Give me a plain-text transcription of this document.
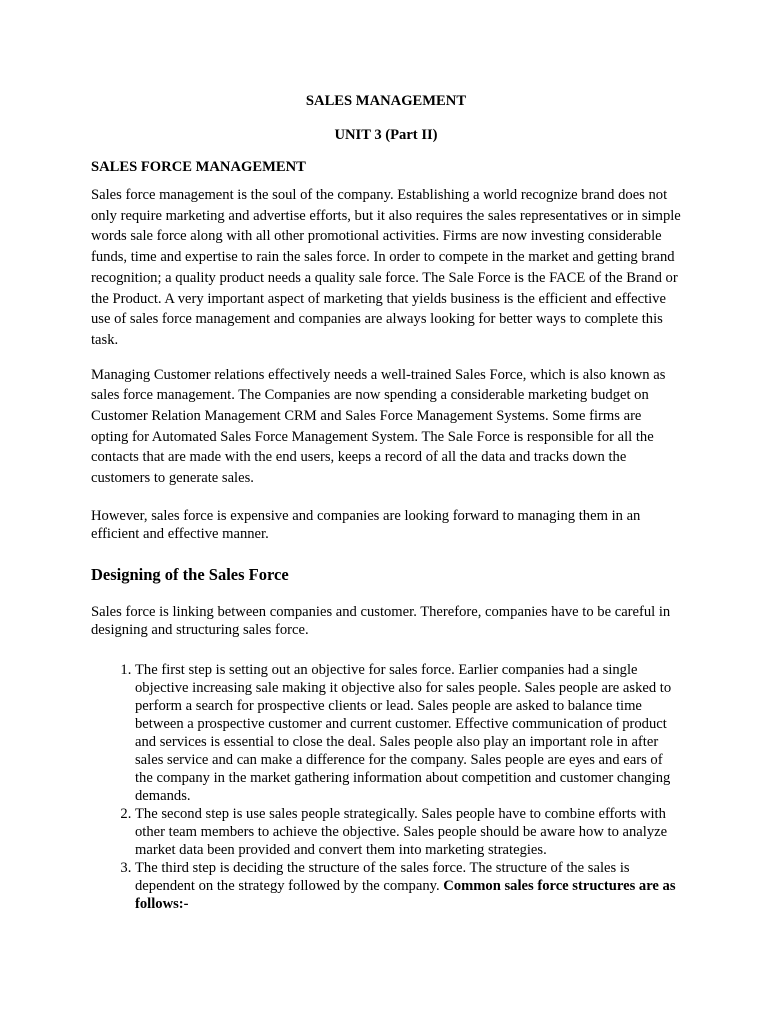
SALES MANAGEMENT

UNIT 3 (Part II)

SALES FORCE MANAGEMENT

Sales force management is the soul of the company. Establishing a world recognize brand does not only require marketing and advertise efforts, but it also requires the sales representatives or in simple words sale force along with all other promotional activities. Firms are now investing considerable funds, time and expertise to rain the sales force. In order to compete in the market and getting brand recognition; a quality product needs a quality sale force. The Sale Force is the FACE of the Brand or the Product. A very important aspect of marketing that yields business is the efficient and effective use of sales force management and companies are always looking for better ways to complete this task.

Managing Customer relations effectively needs a well-trained Sales Force, which is also known as sales force management. The Companies are now spending a considerable marketing budget on Customer Relation Management CRM and Sales Force Management Systems. Some firms are opting for Automated Sales Force Management System. The Sale Force is responsible for all the contacts that are made with the end users, keeps a record of all the data and tracks down the customers to generate sales.

However, sales force is expensive and companies are looking forward to managing them in an efficient and effective manner.

Designing of the Sales Force

Sales force is linking between companies and customer. Therefore, companies have to be careful in designing and structuring sales force.

1. The first step is setting out an objective for sales force. Earlier companies had a single objective increasing sale making it objective also for sales people. Sales people are asked to perform a search for prospective clients or lead. Sales people are asked to balance time between a prospective customer and current customer. Effective communication of product and services is essential to close the deal. Sales people also play an important role in after sales service and can make a difference for the company. Sales people are eyes and ears of the company in the market gathering information about competition and customer changing demands.
2. The second step is use sales people strategically. Sales people have to combine efforts with other team members to achieve the objective. Sales people should be aware how to analyze market data been provided and convert them into marketing strategies.
3. The third step is deciding the structure of the sales force. The structure of the sales is dependent on the strategy followed by the company. Common sales force structures are as follows:-
